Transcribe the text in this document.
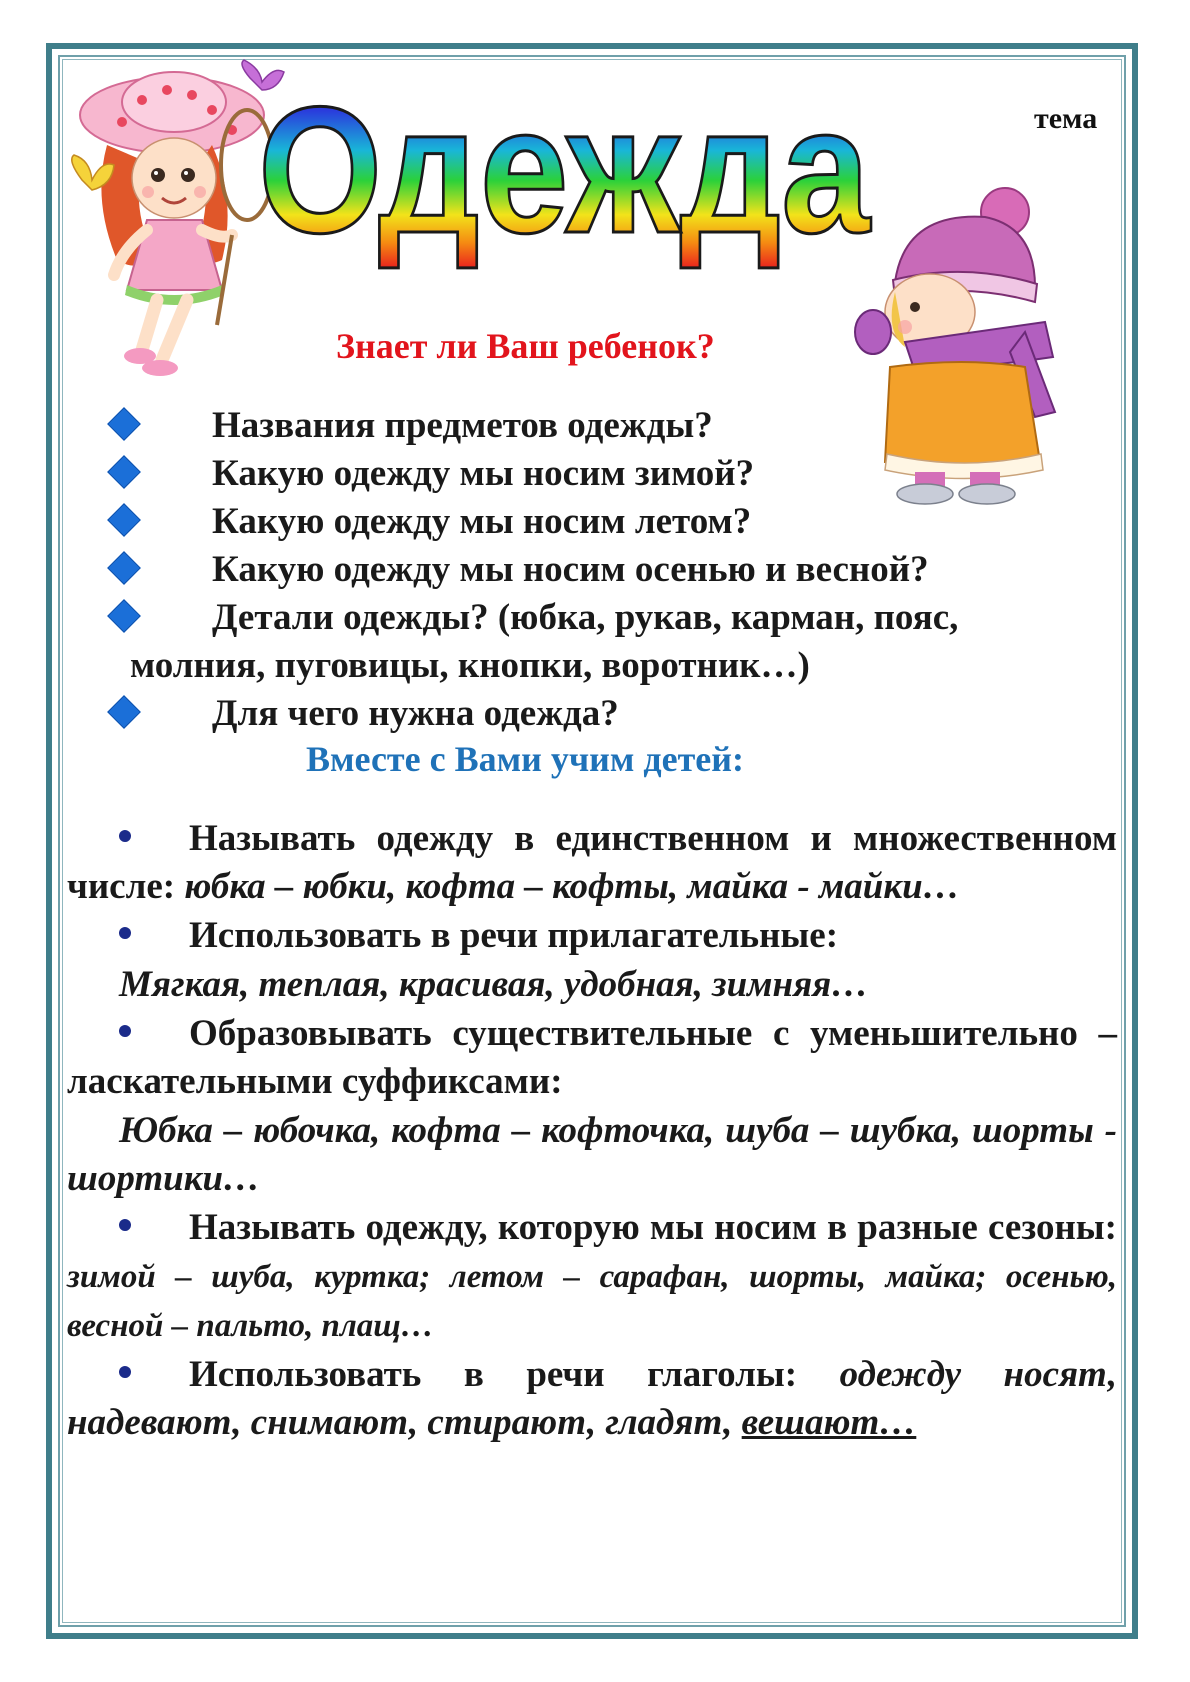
тема
Одежда
Знает ли Ваш ребенок?
Названия предметов одежды?
Какую одежду мы носим зимой?
Какую одежду мы носим летом?
Какую одежду мы носим осенью и весной?
Детали одежды? (юбка, рукав, карман, пояс,
молния, пуговицы, кнопки, воротник…)
Для чего нужна одежда?
Вместе с Вами учим детей:

Называть одежду в единственном и множественном числе: юбка – юбки, кофта – кофты, майка - майки…

Использовать в речи прилагательные:

Мягкая, теплая, красивая, удобная, зимняя…

Образовывать существительные с уменьшительно – ласкательными суффиксами:

Юбка – юбочка, кофта – кофточка, шуба – шубка, шорты - шортики…

Называть одежду, которую мы носим в разные сезоны: зимой – шуба, куртка; летом – сарафан, шорты, майка; осенью, весной – пальто, плащ…

Использовать в речи глаголы: одежду носят, надевают, снимают, стирают, гладят, вешают…
